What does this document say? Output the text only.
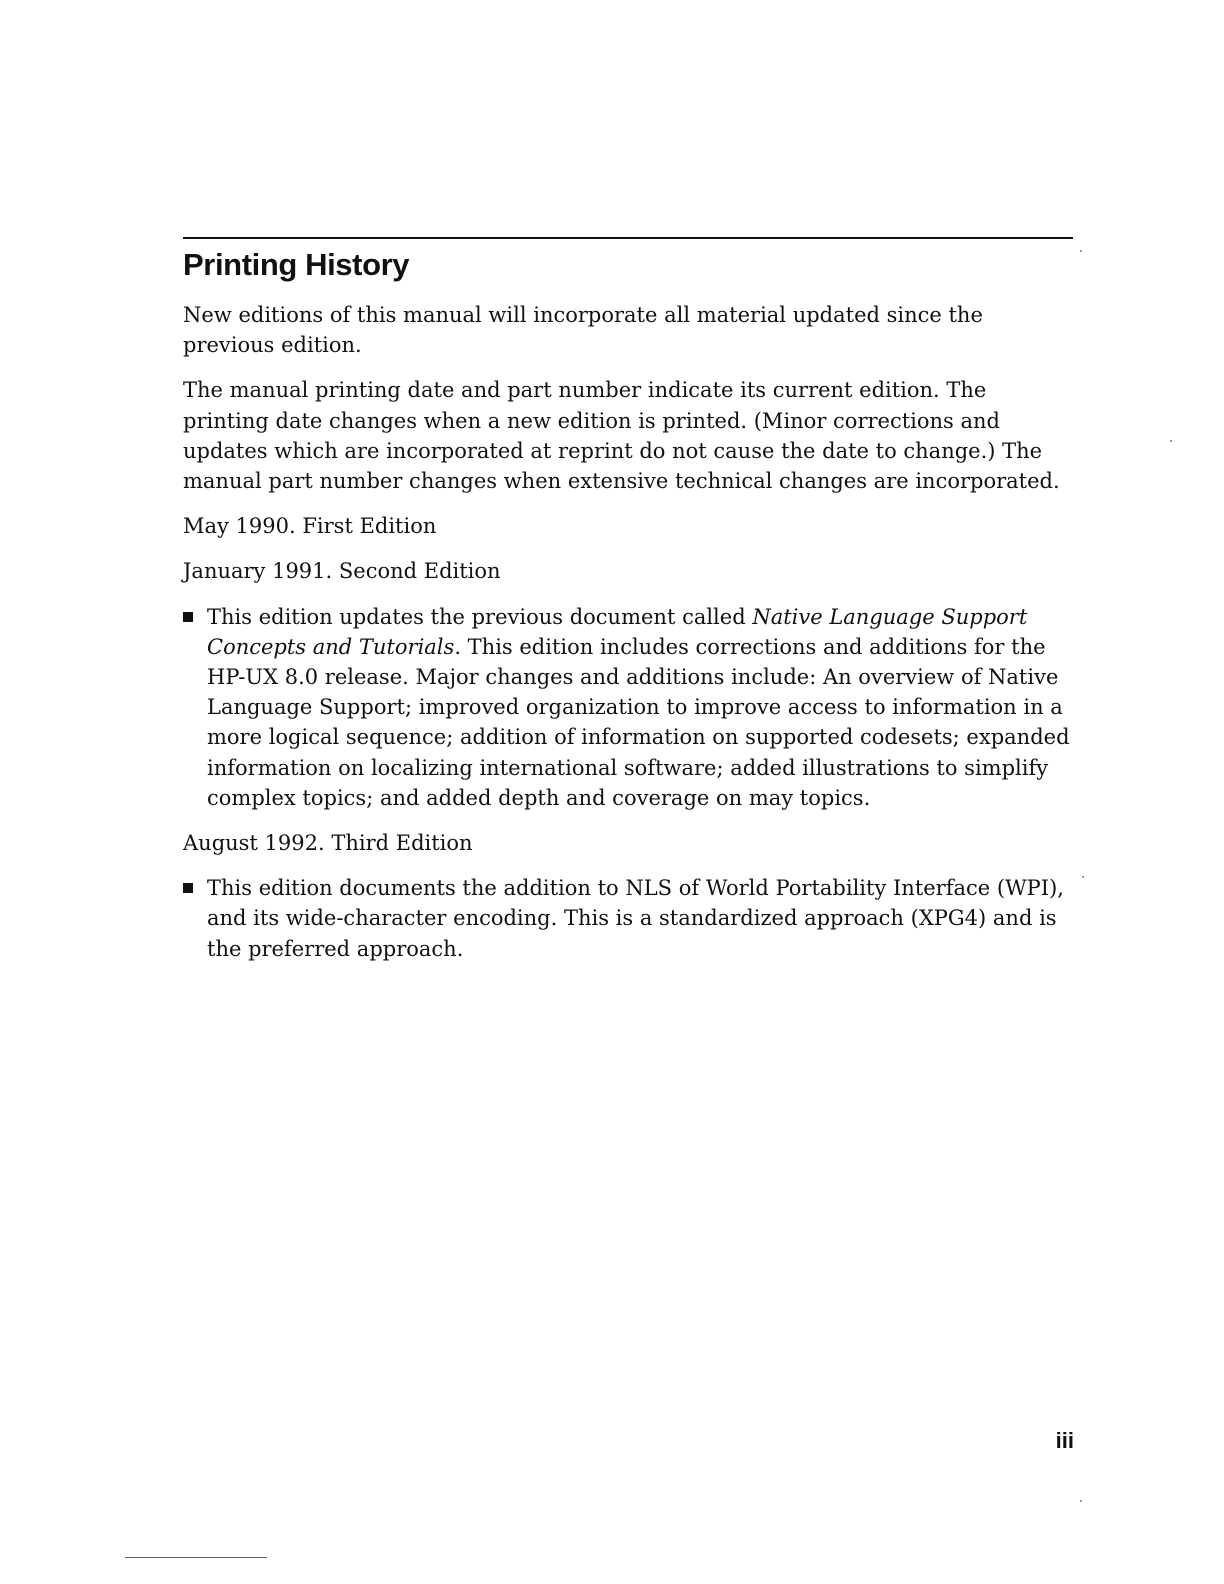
Printing History

New editions of this manual will incorporate all material updated since the previous edition.

The manual printing date and part number indicate its current edition. The printing date changes when a new edition is printed. (Minor corrections and updates which are incorporated at reprint do not cause the date to change.) The manual part number changes when extensive technical changes are incorporated.

May 1990. First Edition

January 1991. Second Edition

This edition updates the previous document called Native Language Support Concepts and Tutorials. This edition includes corrections and additions for the HP-UX 8.0 release. Major changes and additions include: An overview of Native Language Support; improved organization to improve access to information in a more logical sequence; addition of information on supported codesets; expanded information on localizing international software; added illustrations to simplify complex topics; and added depth and coverage on may topics.

August 1992. Third Edition

This edition documents the addition to NLS of World Portability Interface (WPI), and its wide-character encoding. This is a standardized approach (XPG4) and is the preferred approach.
iii
